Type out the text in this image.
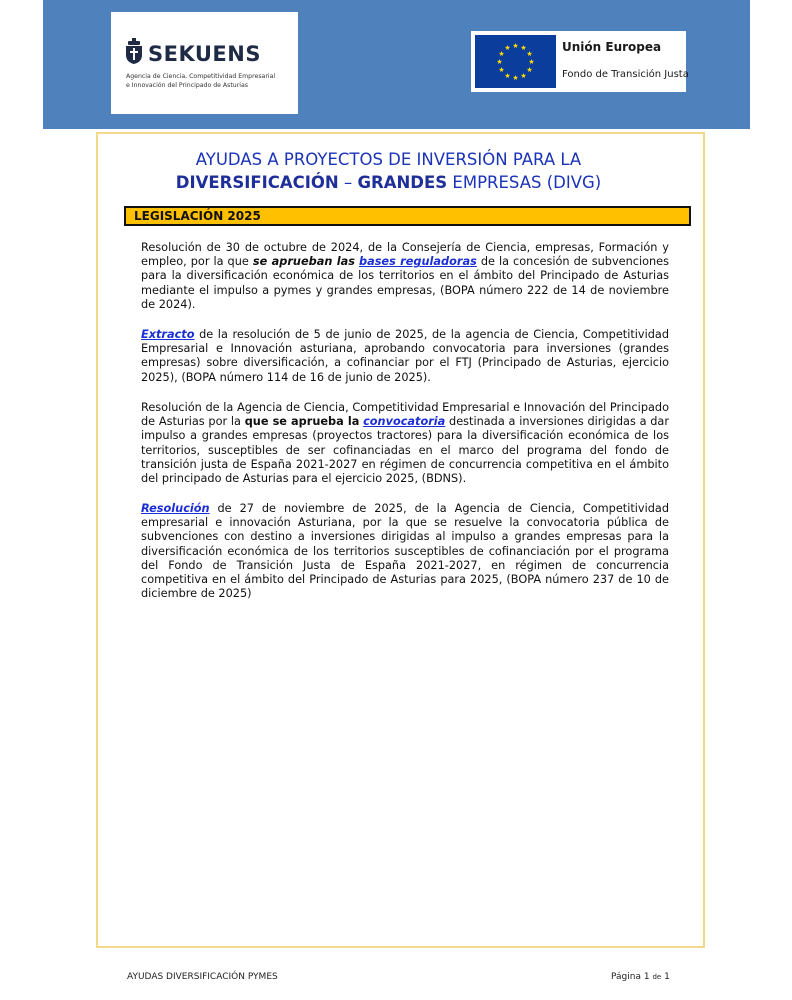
SEKUENS
Agencia de Ciencia, Competitividad Empresarial
e Innovación del Principado de Asturias
★ ★
★
★
★
★
★
★
★
★
★
★	Unión Europea
Fondo de Transición Justa
AYUDAS A PROYECTOS DE INVERSIÓN PARA LA
DIVERSIFICACIÓN – GRANDES EMPRESAS (DIVG)
LEGISLACIÓN 2025
Resolución de 30 de octubre de 2024, de la Consejería de Ciencia, empresas, Formación y empleo, por la que se aprueban las bases reguladoras de la concesión de subvenciones para la diversificación económica de los territorios en el ámbito del Principado de Asturias mediante el impulso a pymes y grandes empresas, (BOPA número 222 de 14 de noviembre de 2024).
Extracto de la resolución de 5 de junio de 2025, de la agencia de Ciencia, Competitividad Empresarial e Innovación asturiana, aprobando convocatoria para inversiones (grandes empresas) sobre diversificación, a cofinanciar por el FTJ (Principado de Asturias, ejercicio 2025), (BOPA número 114 de 16 de junio de 2025).
Resolución de la Agencia de Ciencia, Competitividad Empresarial e Innovación del Principado de Asturias por la que se aprueba la convocatoria destinada a inversiones dirigidas a dar impulso a grandes empresas (proyectos tractores) para la diversificación económica de los territorios, susceptibles de ser cofinanciadas en el marco del programa del fondo de transición justa de España 2021-2027 en régimen de concurrencia competitiva en el ámbito del principado de Asturias para el ejercicio 2025, (BDNS).
Resolución de 27 de noviembre de 2025, de la Agencia de Ciencia, Competitividad empresarial e innovación Asturiana, por la que se resuelve la convocatoria pública de subvenciones con destino a inversiones dirigidas al impulso a grandes empresas para la diversificación económica de los territorios susceptibles de cofinanciación por el programa del Fondo de Transición Justa de España 2021-2027, en régimen de concurrencia competitiva en el ámbito del Principado de Asturias para 2025, (BOPA número 237 de 10 de diciembre de 2025)
AYUDAS DIVERSIFICACIÓN PYMES	Página 1 de 1
